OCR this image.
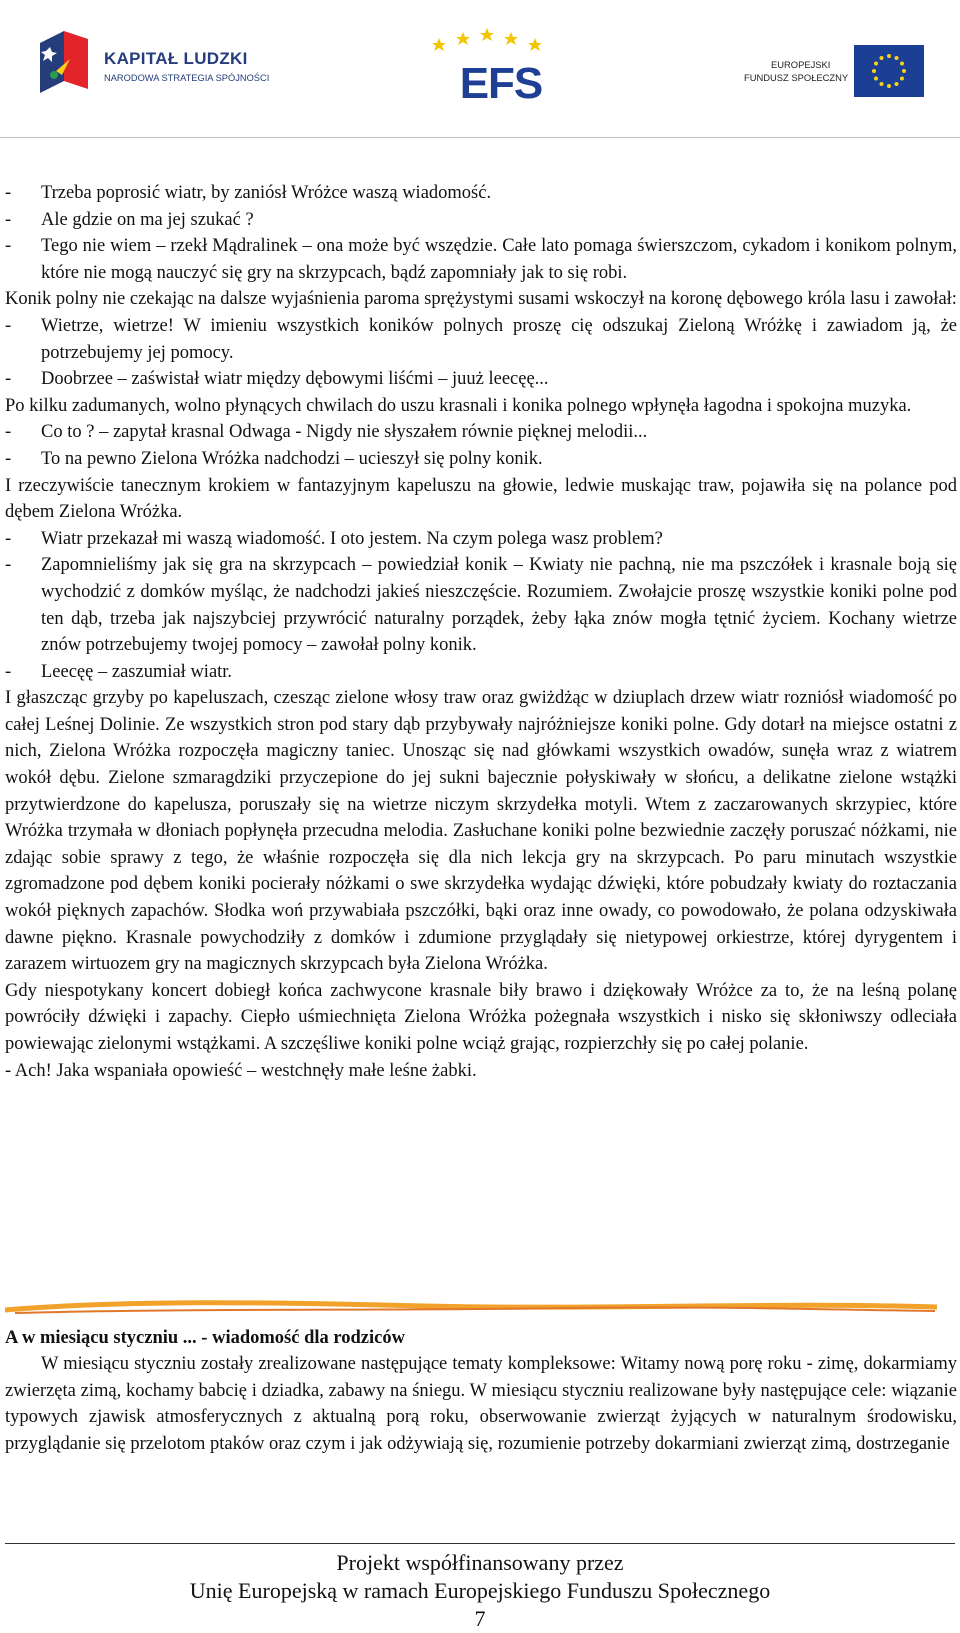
KAPITAŁ LUDZKI
NARODOWA STRATEGIA SPÓJNOŚCI	EFS	EUROPEJSKI
FUNDUSZ SPOŁECZNY

-	Trzeba poprosić wiatr, by zaniósł Wróżce waszą wiadomość.

-	Ale gdzie on ma jej szukać ?

-	Tego nie wiem – rzekł Mądralinek – ona może być wszędzie. Całe lato pomaga świerszczom, cykadom i konikom polnym, które nie mogą nauczyć się gry na skrzypcach, bądź zapomniały jak to się robi.

Konik polny nie czekając na dalsze wyjaśnienia paroma sprężystymi susami wskoczył na koronę dębowego króla lasu i zawołał:

-	Wietrze, wietrze! W imieniu wszystkich koników polnych proszę cię odszukaj Zieloną Wróżkę i zawiadom ją, że potrzebujemy jej pomocy.

-	Doobrzee – zaświstał wiatr między dębowymi liśćmi – juuż leecęę...

Po kilku zadumanych, wolno płynących chwilach do uszu krasnali i konika polnego wpłynęła łagodna i spokojna muzyka.

-	Co to ? – zapytał krasnal Odwaga - Nigdy nie słyszałem równie pięknej melodii...

-	To na pewno Zielona Wróżka nadchodzi – ucieszył się polny konik.

I rzeczywiście tanecznym krokiem w fantazyjnym kapeluszu na głowie, ledwie muskając traw, pojawiła się na polance pod dębem Zielona Wróżka.

-	Wiatr przekazał mi waszą wiadomość. I oto jestem. Na czym polega wasz problem?

-	Zapomnieliśmy jak się gra na skrzypcach – powiedział konik – Kwiaty nie pachną, nie ma pszczółek i krasnale boją się wychodzić z domków myśląc, że nadchodzi jakieś nieszczęście. Rozumiem. Zwołajcie proszę wszystkie koniki polne pod ten dąb, trzeba jak najszybciej przywrócić naturalny porządek, żeby łąka znów mogła tętnić życiem. Kochany wietrze znów potrzebujemy twojej pomocy – zawołał polny konik.

-	Leecęę – zaszumiał wiatr.

I głaszcząc grzyby po kapeluszach, czesząc zielone włosy traw oraz gwiżdżąc w dziuplach drzew wiatr rozniósł wiadomość po całej Leśnej Dolinie. Ze wszystkich stron pod stary dąb przybywały najróżniejsze koniki polne. Gdy dotarł na miejsce ostatni z nich, Zielona Wróżka rozpoczęła magiczny taniec. Unosząc się nad główkami wszystkich owadów, sunęła wraz z wiatrem wokół dębu. Zielone szmaragdziki przyczepione do jej sukni bajecznie połyskiwały w słońcu, a delikatne zielone wstążki przytwierdzone do kapelusza, poruszały się na wietrze niczym skrzydełka motyli. Wtem z zaczarowanych skrzypiec, które Wróżka trzymała w dłoniach popłynęła przecudna melodia. Zasłuchane koniki polne bezwiednie zaczęły poruszać nóżkami, nie zdając sobie sprawy z tego, że właśnie rozpoczęła się dla nich lekcja gry na skrzypcach. Po paru minutach wszystkie zgromadzone pod dębem koniki pocierały nóżkami o swe skrzydełka wydając dźwięki, które pobudzały kwiaty do roztaczania wokół pięknych zapachów. Słodka woń przywabiała pszczółki, bąki oraz inne owady, co powodowało, że polana odzyskiwała dawne piękno. Krasnale powychodziły z domków i zdumione przyglądały się nietypowej orkiestrze, której dyrygentem i zarazem wirtuozem gry na magicznych skrzypcach była Zielona Wróżka.

Gdy niespotykany koncert dobiegł końca zachwycone krasnale biły brawo i dziękowały Wróżce za to, że na leśną polanę powróciły dźwięki i zapachy. Ciepło uśmiechnięta Zielona Wróżka pożegnała wszystkich i nisko się skłoniwszy odleciała powiewając zielonymi wstążkami. A szczęśliwe koniki polne wciąż grając, rozpierzchły się po całej polanie.

- Ach! Jaka wspaniała opowieść – westchnęły małe leśne żabki.

A w miesiącu styczniu ... - wiadomość dla rodziców

W miesiącu styczniu zostały zrealizowane następujące tematy kompleksowe: Witamy nową porę roku - zimę, dokarmiamy zwierzęta zimą, kochamy babcię i dziadka, zabawy na śniegu. W miesiącu styczniu realizowane były następujące cele: wiązanie typowych zjawisk atmosferycznych z aktualną porą roku, obserwowanie zwierząt żyjących w naturalnym środowisku, przyglądanie się przelotom ptaków oraz czym i jak odżywiają się, rozumienie potrzeby dokarmiani zwierząt zimą, dostrzeganie

Projekt współfinansowany przez
Unię Europejską w ramach Europejskiego Funduszu Społecznego
7
